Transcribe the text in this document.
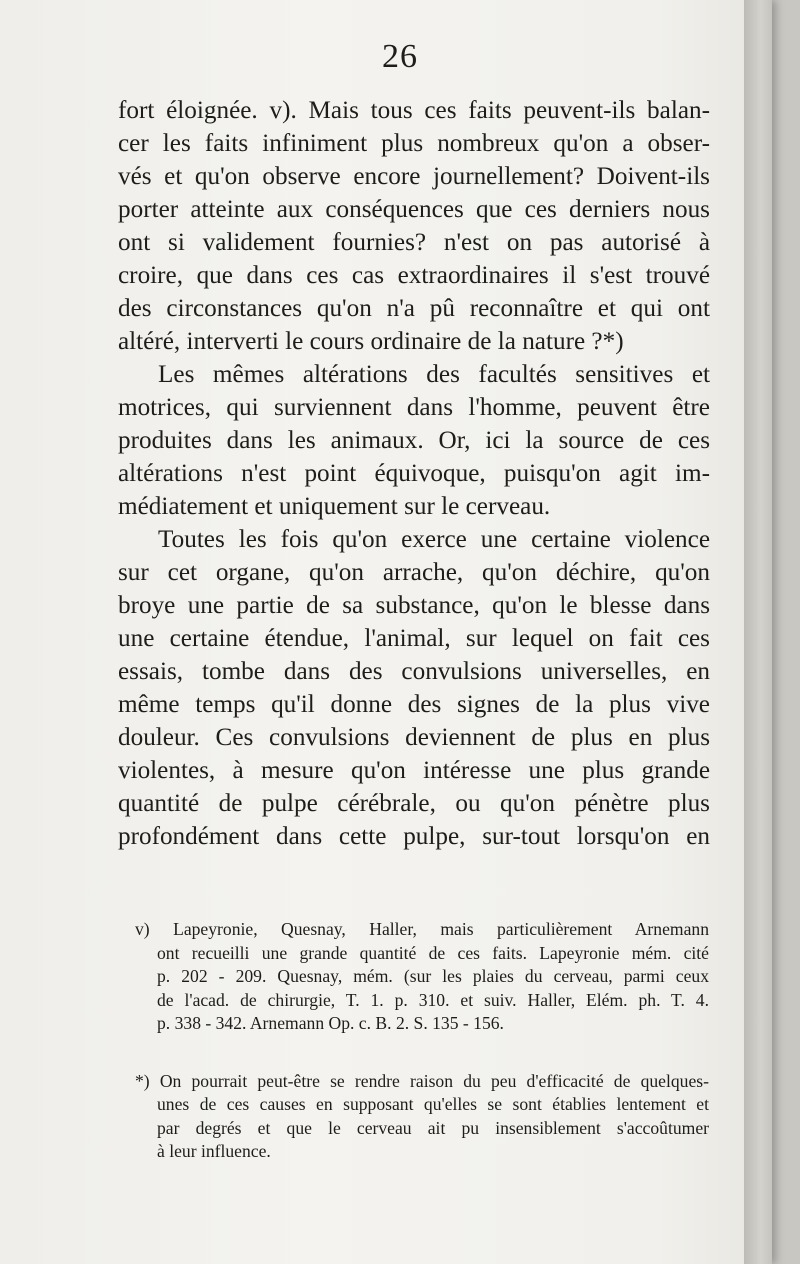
26
fort éloignée. v). Mais tous ces faits peuvent-ils balan-
cer les faits infiniment plus nombreux qu'on a obser-
vés et qu'on observe encore journellement? Doivent-ils
porter atteinte aux conséquences que ces derniers nous
ont si validement fournies? n'est on pas autorisé à
croire, que dans ces cas extraordinaires il s'est trouvé
des circonstances qu'on n'a pû reconnaître et qui ont
altéré, interverti le cours ordinaire de la nature ?*)
Les mêmes altérations des facultés sensitives et
motrices, qui surviennent dans l'homme, peuvent être
produites dans les animaux. Or, ici la source de ces
altérations n'est point équivoque, puisqu'on agit im-
médiatement et uniquement sur le cerveau.
Toutes les fois qu'on exerce une certaine violence
sur cet organe, qu'on arrache, qu'on déchire, qu'on
broye une partie de sa substance, qu'on le blesse dans
une certaine étendue, l'animal, sur lequel on fait ces
essais, tombe dans des convulsions universelles, en
même temps qu'il donne des signes de la plus vive
douleur. Ces convulsions deviennent de plus en plus
violentes, à mesure qu'on intéresse une plus grande
quantité de pulpe cérébrale, ou qu'on pénètre plus
profondément dans cette pulpe, sur-tout lorsqu'on en
v) Lapeyronie, Quesnay, Haller, mais particulièrement Arnemann
ont recueilli une grande quantité de ces faits. Lapeyronie mém. cité
p. 202 - 209. Quesnay, mém. (sur les plaies du cerveau, parmi ceux
de l'acad. de chirurgie, T. 1. p. 310. et suiv. Haller, Elém. ph. T. 4.
p. 338 - 342. Arnemann Op. c. B. 2. S. 135 - 156.
*) On pourrait peut-être se rendre raison du peu d'efficacité de quelques-
unes de ces causes en supposant qu'elles se sont établies lentement et
par degrés et que le cerveau ait pu insensiblement s'accoûtumer
à leur influence.
